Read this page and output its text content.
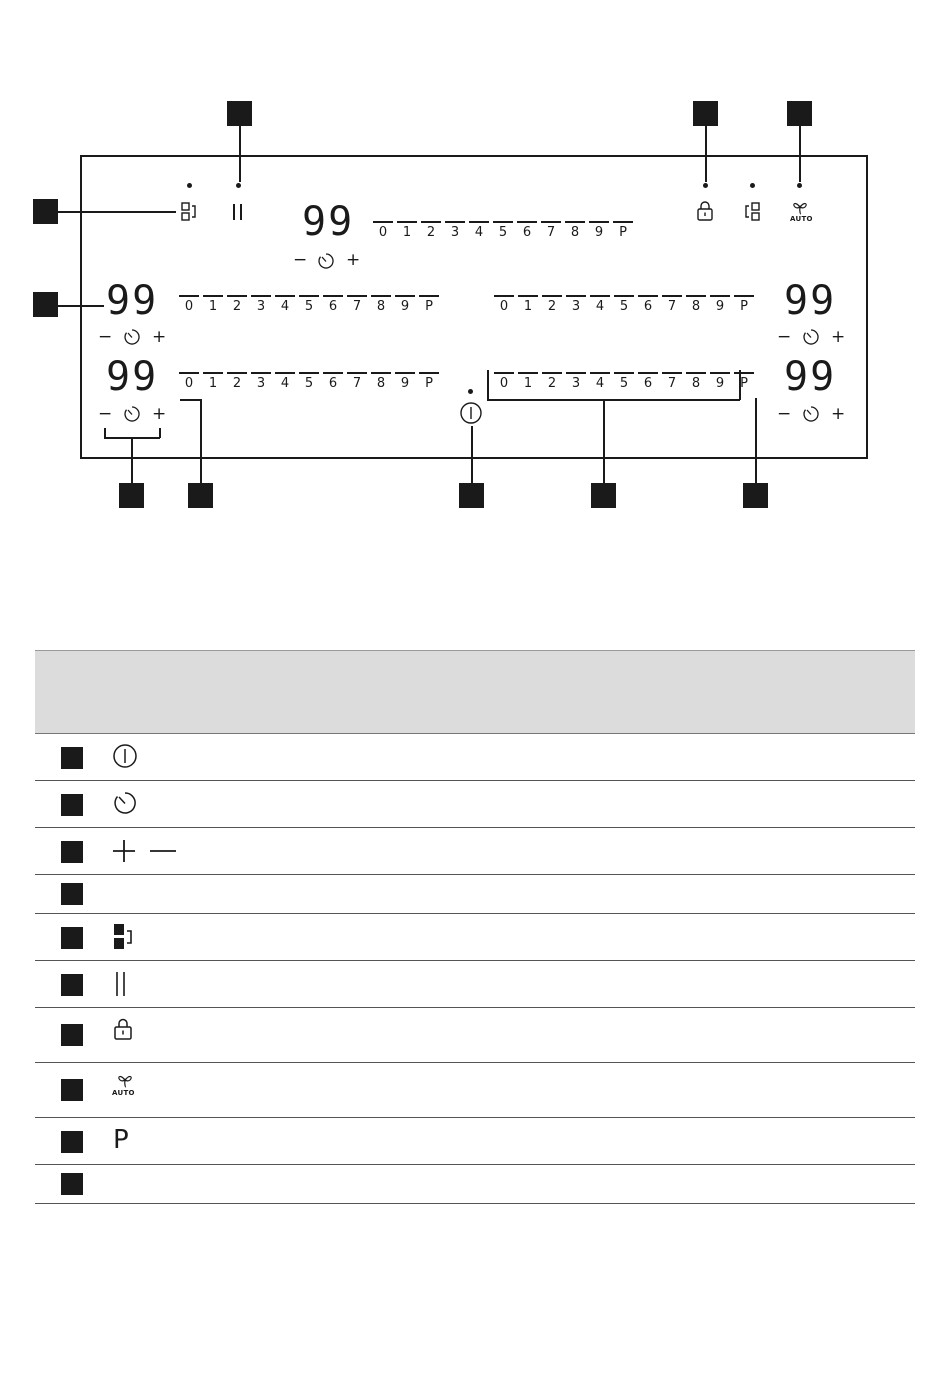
AUTO
99 0 1 2 3 4 5 6 7 8 9 P
− +
99 0 1 2 3 4 5 6 7 8 9 P
− +
0 1 2 3 4 5 6 7 8 9 P 99
− +
99 0 1 2 3 4 5 6 7 8 9 P
− +
0 1 2 3 4 5 6 7 8 9 P 99
− +
AUTO
P
